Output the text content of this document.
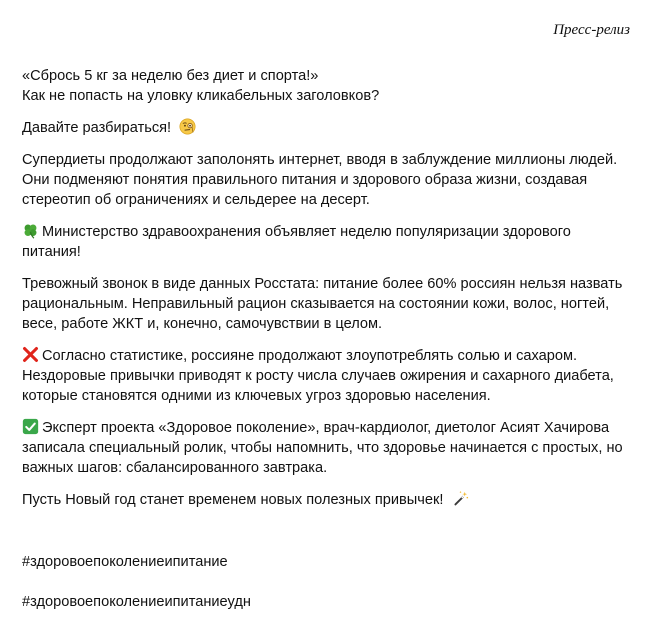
Пресс-релиз

«Сбрось 5 кг за неделю без диет и спорта!»
Как не попасть на уловку кликабельных заголовков?

Давайте разбираться!

Супердиеты продолжают заполонять интернет, вводя в заблуждение миллионы людей.
Они подменяют понятия правильного питания и здорового образа жизни, создавая
стереотип об ограничениях и сельдерее на десерт.

Министерство здравоохранения объявляет неделю популяризации здорового
питания!

Тревожный звонок в виде данных Росстата: питание более 60% россиян нельзя назвать
рациональным. Неправильный рацион сказывается на состоянии кожи, волос, ногтей,
весе, работе ЖКТ и, конечно, самочувствии в целом.

Согласно статистике, россияне продолжают злоупотреблять солью и сахаром.
Нездоровые привычки приводят к росту числа случаев ожирения и сахарного диабета,
которые становятся одними из ключевых угроз здоровью населения.

Эксперт проекта «Здоровое поколение», врач-кардиолог, диетолог Асият Хачирова
записала специальный ролик, чтобы напомнить, что здоровье начинается с простых, но
важных шагов: сбалансированного завтрака.

Пусть Новый год станет временем новых полезных привычек!

#здоровоепоколениеипитание

#здоровоепоколениеипитаниеудн
